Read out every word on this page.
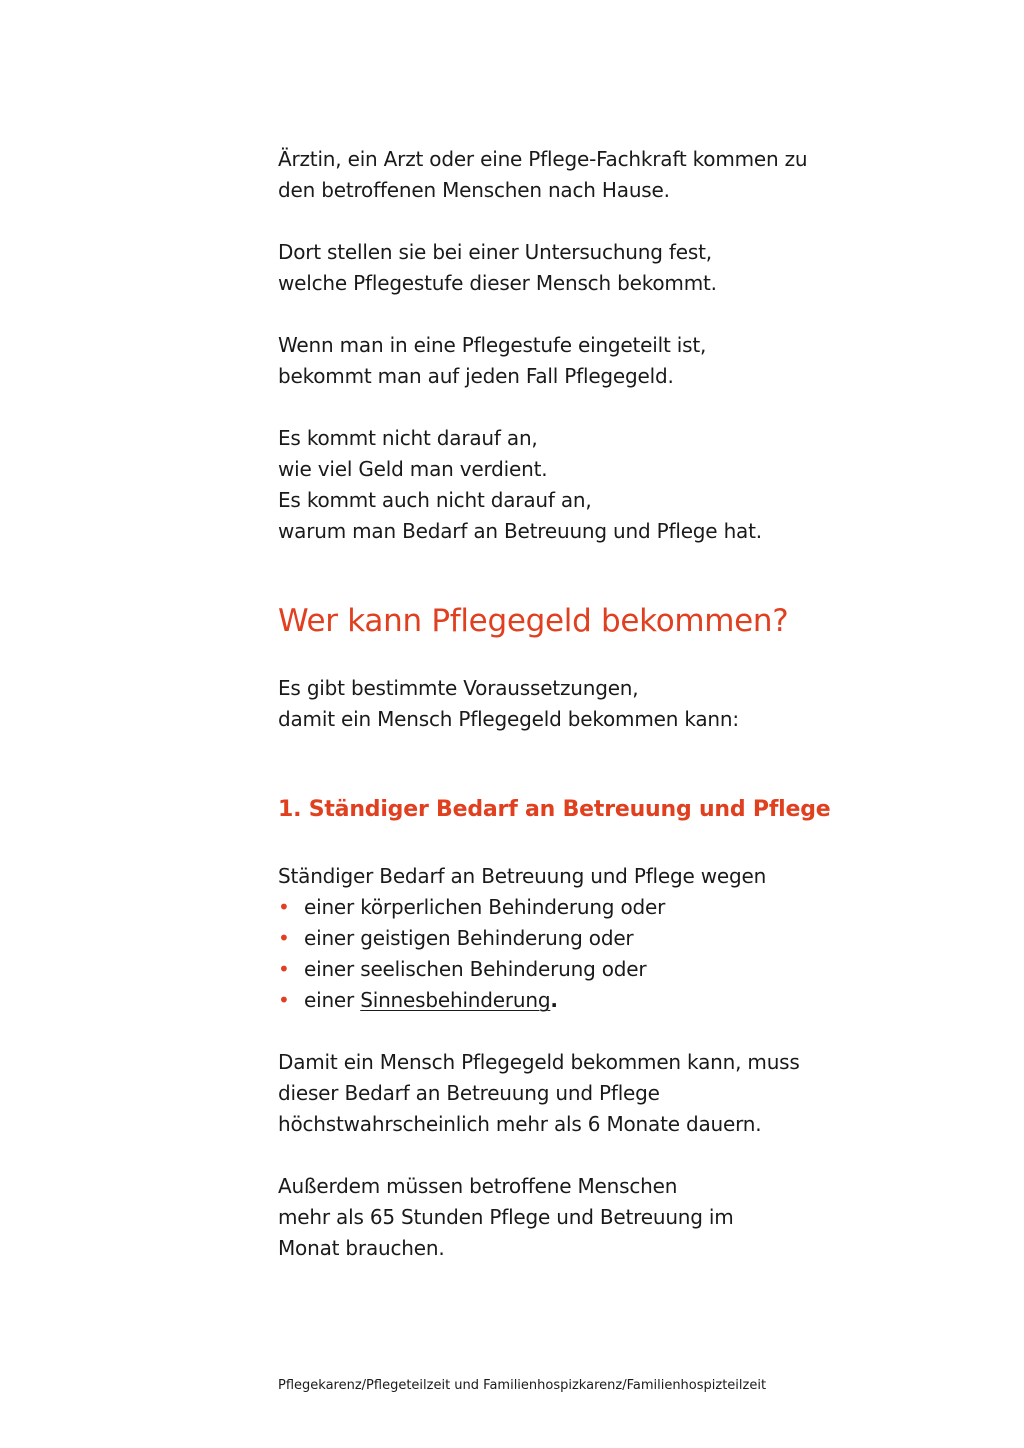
Ärztin, ein Arzt oder eine Pflege-Fachkraft kommen zu
den betroffenen Menschen nach Hause.

Dort stellen sie bei einer Untersuchung fest,
welche Pflegestufe dieser Mensch bekommt.

Wenn man in eine Pflegestufe eingeteilt ist,
bekommt man auf jeden Fall Pflegegeld.

Es kommt nicht darauf an,
wie viel Geld man verdient.
Es kommt auch nicht darauf an,
warum man Bedarf an Betreuung und Pflege hat.

Wer kann Pflegegeld bekommen?

Es gibt bestimmte Voraussetzungen,
damit ein Mensch Pflegegeld bekommen kann:

1. Ständiger Bedarf an Betreuung und Pflege

Ständiger Bedarf an Betreuung und Pflege wegen

• einer körperlichen Behinderung oder
• einer geistigen Behinderung oder
• einer seelischen Behinderung oder
• einer Sinnesbehinderung.

Damit ein Mensch Pflegegeld bekommen kann, muss
dieser Bedarf an Betreuung und Pflege
höchstwahrscheinlich mehr als 6 Monate dauern.

Außerdem müssen betroffene Menschen
mehr als 65 Stunden Pflege und Betreuung im
Monat brauchen.

Pflegekarenz/Pflegeteilzeit und Familienhospizkarenz/Familienhospizteilzeit
